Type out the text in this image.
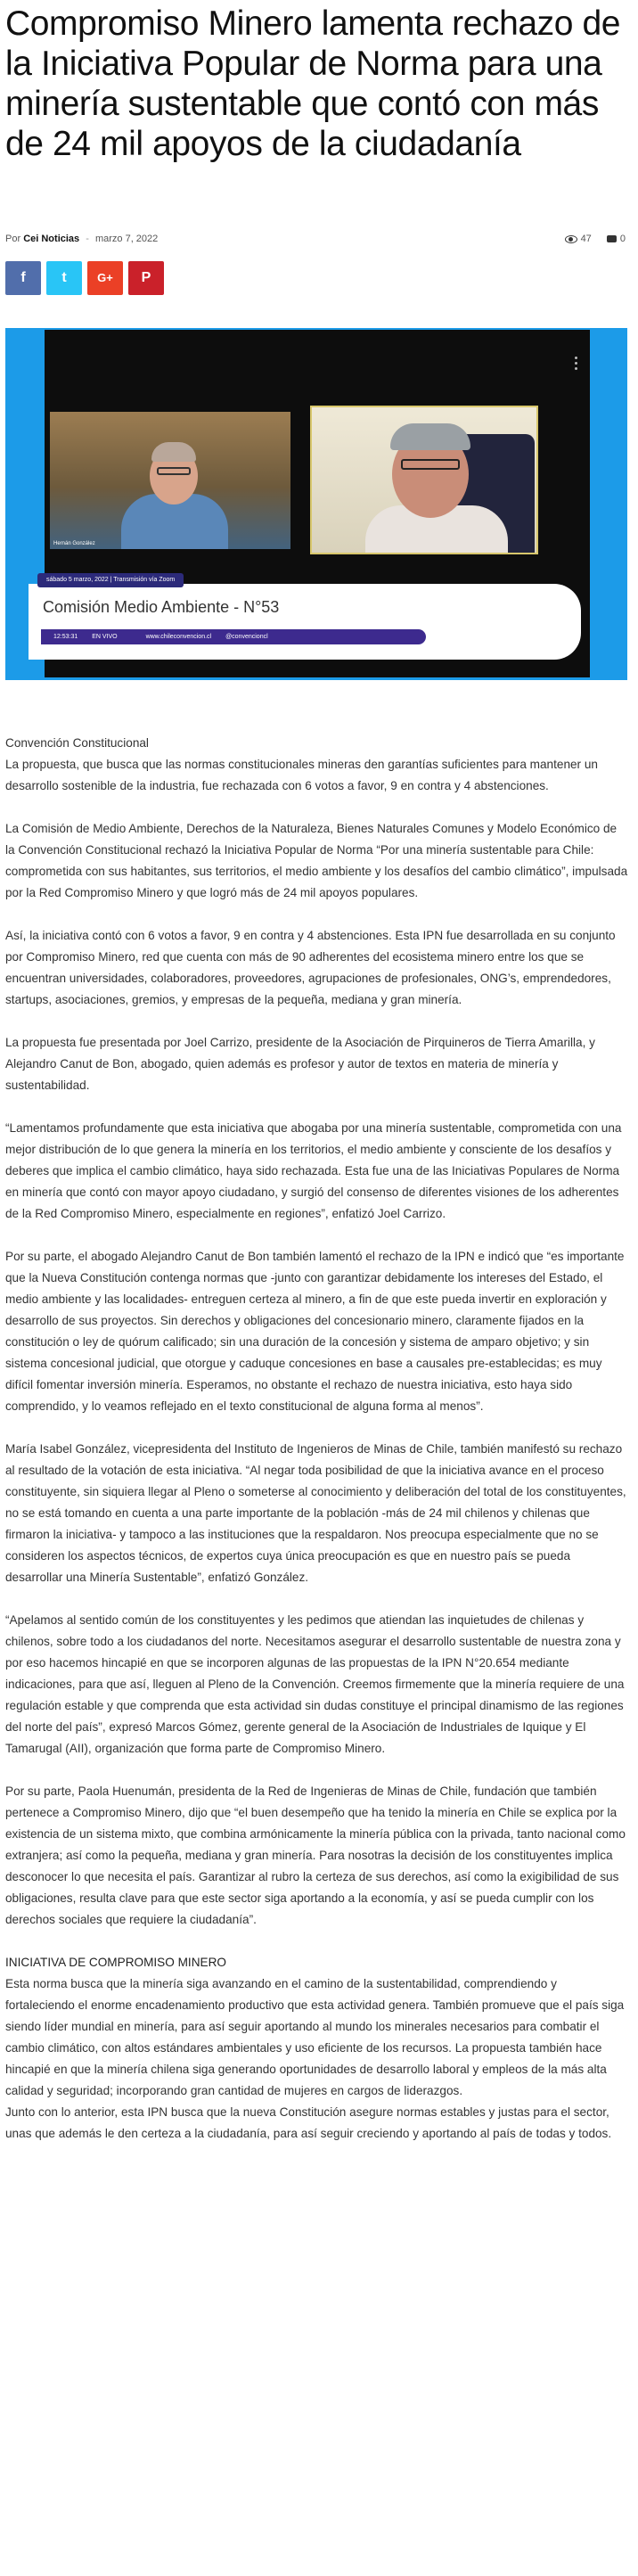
Compromiso Minero lamenta rechazo de la Iniciativa Popular de Norma para una minería sustentable que contó con más de 24 mil apoyos de la ciudadanía
Por Cei Noticias - marzo 7, 2022	47	0
f	t	G+	P
Hernán González
sábado 5 marzo, 2022 | Transmisión vía Zoom
Comisión Medio Ambiente - N°53
12:53:31 EN VIVO	www.chileconvencion.cl @convencioncl

Convención Constitucional

La propuesta, que busca que las normas constitucionales mineras den garantías suficientes para mantener un desarrollo sostenible de la industria, fue rechazada con 6 votos a favor, 9 en contra y 4 abstenciones.

La Comisión de Medio Ambiente, Derechos de la Naturaleza, Bienes Naturales Comunes y Modelo Económico de la Convención Constitucional rechazó la Iniciativa Popular de Norma “Por una minería sustentable para Chile: comprometida con sus habitantes, sus territorios, el medio ambiente y los desafíos del cambio climático”, impulsada por la Red Compromiso Minero y que logró más de 24 mil apoyos populares.

Así, la iniciativa contó con 6 votos a favor, 9 en contra y 4 abstenciones. Esta IPN fue desarrollada en su conjunto por Compromiso Minero, red que cuenta con más de 90 adherentes del ecosistema minero entre los que se encuentran universidades, colaboradores, proveedores, agrupaciones de profesionales, ONG’s, emprendedores, startups, asociaciones, gremios, y empresas de la pequeña, mediana y gran minería.

La propuesta fue presentada por Joel Carrizo, presidente de la Asociación de Pirquineros de Tierra Amarilla, y Alejandro Canut de Bon, abogado, quien además es profesor y autor de textos en materia de minería y sustentabilidad.

“Lamentamos profundamente que esta iniciativa que abogaba por una minería sustentable, comprometida con una mejor distribución de lo que genera la minería en los territorios, el medio ambiente y consciente de los desafíos y deberes que implica el cambio climático, haya sido rechazada. Esta fue una de las Iniciativas Populares de Norma en minería que contó con mayor apoyo ciudadano, y surgió del consenso de diferentes visiones de los adherentes de la Red Compromiso Minero, especialmente en regiones”, enfatizó Joel Carrizo.

Por su parte, el abogado Alejandro Canut de Bon también lamentó el rechazo de la IPN e indicó que “es importante que la Nueva Constitución contenga normas que -junto con garantizar debidamente los intereses del Estado, el medio ambiente y las localidades- entreguen certeza al minero, a fin de que este pueda invertir en exploración y desarrollo de sus proyectos. Sin derechos y obligaciones del concesionario minero, claramente fijados en la constitución o ley de quórum calificado; sin una duración de la concesión y sistema de amparo objetivo; y sin sistema concesional judicial, que otorgue y caduque concesiones en base a causales pre-establecidas; es muy difícil fomentar inversión minería. Esperamos, no obstante el rechazo de nuestra iniciativa, esto haya sido comprendido, y lo veamos reflejado en el texto constitucional de alguna forma al menos”.

María Isabel González, vicepresidenta del Instituto de Ingenieros de Minas de Chile, también manifestó su rechazo al resultado de la votación de esta iniciativa. “Al negar toda posibilidad de que la iniciativa avance en el proceso constituyente, sin siquiera llegar al Pleno o someterse al conocimiento y deliberación del total de los constituyentes, no se está tomando en cuenta a una parte importante de la población -más de 24 mil chilenos y chilenas que firmaron la iniciativa- y tampoco a las instituciones que la respaldaron. Nos preocupa especialmente que no se consideren los aspectos técnicos, de expertos cuya única preocupación es que en nuestro país se pueda desarrollar una Minería Sustentable”, enfatizó González.

“Apelamos al sentido común de los constituyentes y les pedimos que atiendan las inquietudes de chilenas y chilenos, sobre todo a los ciudadanos del norte. Necesitamos asegurar el desarrollo sustentable de nuestra zona y por eso hacemos hincapié en que se incorporen algunas de las propuestas de la IPN N°20.654 mediante indicaciones, para que así, lleguen al Pleno de la Convención. Creemos firmemente que la minería requiere de una regulación estable y que comprenda que esta actividad sin dudas constituye el principal dinamismo de las regiones del norte del país”, expresó Marcos Gómez, gerente general de la Asociación de Industriales de Iquique y El Tamarugal (AII), organización que forma parte de Compromiso Minero.

Por su parte, Paola Huenumán, presidenta de la Red de Ingenieras de Minas de Chile, fundación que también pertenece a Compromiso Minero, dijo que “el buen desempeño que ha tenido la minería en Chile se explica por la existencia de un sistema mixto, que combina armónicamente la minería pública con la privada, tanto nacional como extranjera; así como la pequeña, mediana y gran minería. Para nosotras la decisión de los constituyentes implica desconocer lo que necesita el país. Garantizar al rubro la certeza de sus derechos, así como la exigibilidad de sus obligaciones, resulta clave para que este sector siga aportando a la economía, y así se pueda cumplir con los derechos sociales que requiere la ciudadanía”.

INICIATIVA DE COMPROMISO MINERO

Esta norma busca que la minería siga avanzando en el camino de la sustentabilidad, comprendiendo y fortaleciendo el enorme encadenamiento productivo que esta actividad genera. También promueve que el país siga siendo líder mundial en minería, para así seguir aportando al mundo los minerales necesarios para combatir el cambio climático, con altos estándares ambientales y uso eficiente de los recursos. La propuesta también hace hincapié en que la minería chilena siga generando oportunidades de desarrollo laboral y empleos de la más alta calidad y seguridad; incorporando gran cantidad de mujeres en cargos de liderazgos.

Junto con lo anterior, esta IPN busca que la nueva Constitución asegure normas estables y justas para el sector, unas que además le den certeza a la ciudadanía, para así seguir creciendo y aportando al país de todas y todos.
